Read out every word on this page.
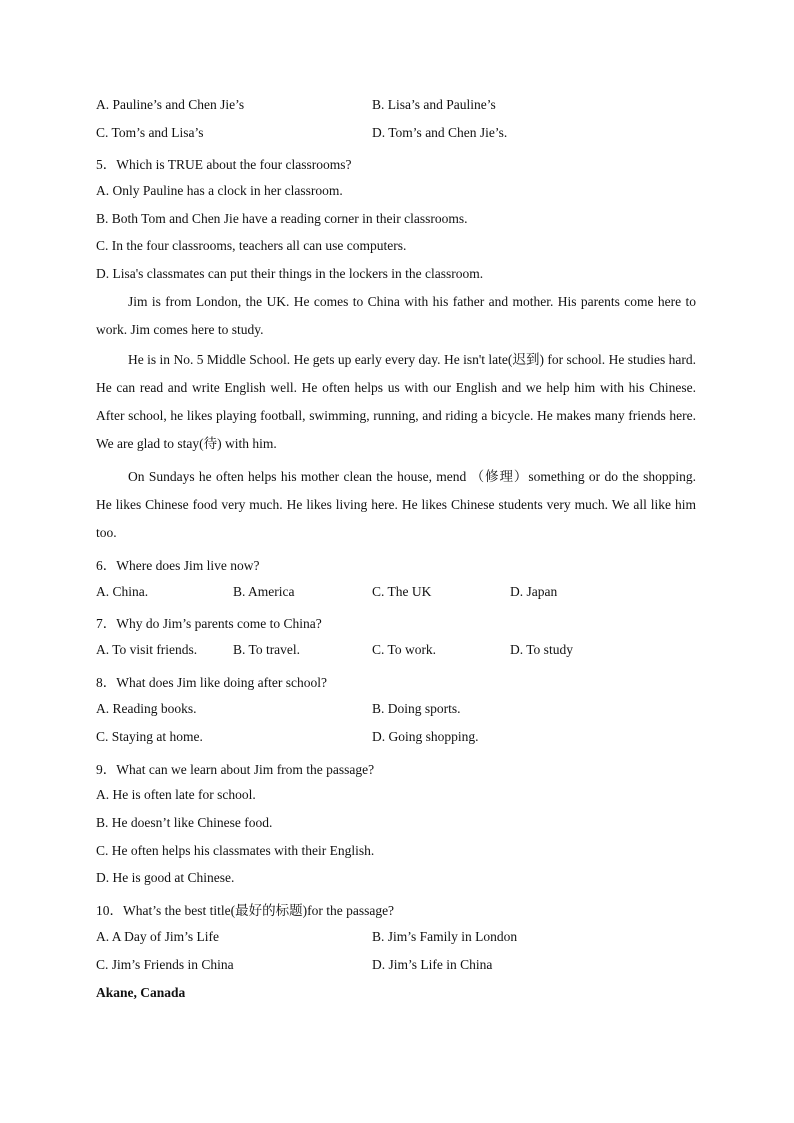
A. Pauline’s and Chen Jie’s	B. Lisa’s and Pauline’s
C. Tom’s and Lisa’s	D. Tom’s and Chen Jie’s.
5．Which is TRUE about the four classrooms?
A. Only Pauline has a clock in her classroom.
B. Both Tom and Chen Jie have a reading corner in their classrooms.
C. In the four classrooms, teachers all can use computers.
D. Lisa's classmates can put their things in the lockers in the classroom.
Jim is from London, the UK. He comes to China with his father and mother. His parents come here to work. Jim comes here to study.
He is in No. 5 Middle School. He gets up early every day. He isn't late(迟到) for school. He studies hard. He can read and write English well. He often helps us with our English and we help him with his Chinese. After school, he likes playing football, swimming, running, and riding a bicycle. He makes many friends here. We are glad to stay(待) with him.
On Sundays he often helps his mother clean the house, mend （修理）something or do the shopping. He likes Chinese food very much. He likes living here. He likes Chinese students very much. We all like him too.
6．Where does Jim live now?
A. China.	B. America	C. The UK	D. Japan
7．Why do Jim’s parents come to China?
A. To visit friends.	B. To travel.	C. To work.	D. To study
8．What does Jim like doing after school?
A. Reading books.	B. Doing sports.
C. Staying at home.	D. Going shopping.
9．What can we learn about Jim from the passage?
A. He is often late for school.
B. He doesn’t like Chinese food.
C. He often helps his classmates with their English.
D. He is good at Chinese.
10．What’s the best title(最好的标题)for the passage?
A. A Day of Jim’s Life	B. Jim’s Family in London
C. Jim’s Friends in China	D. Jim’s Life in China
Akane, Canada
